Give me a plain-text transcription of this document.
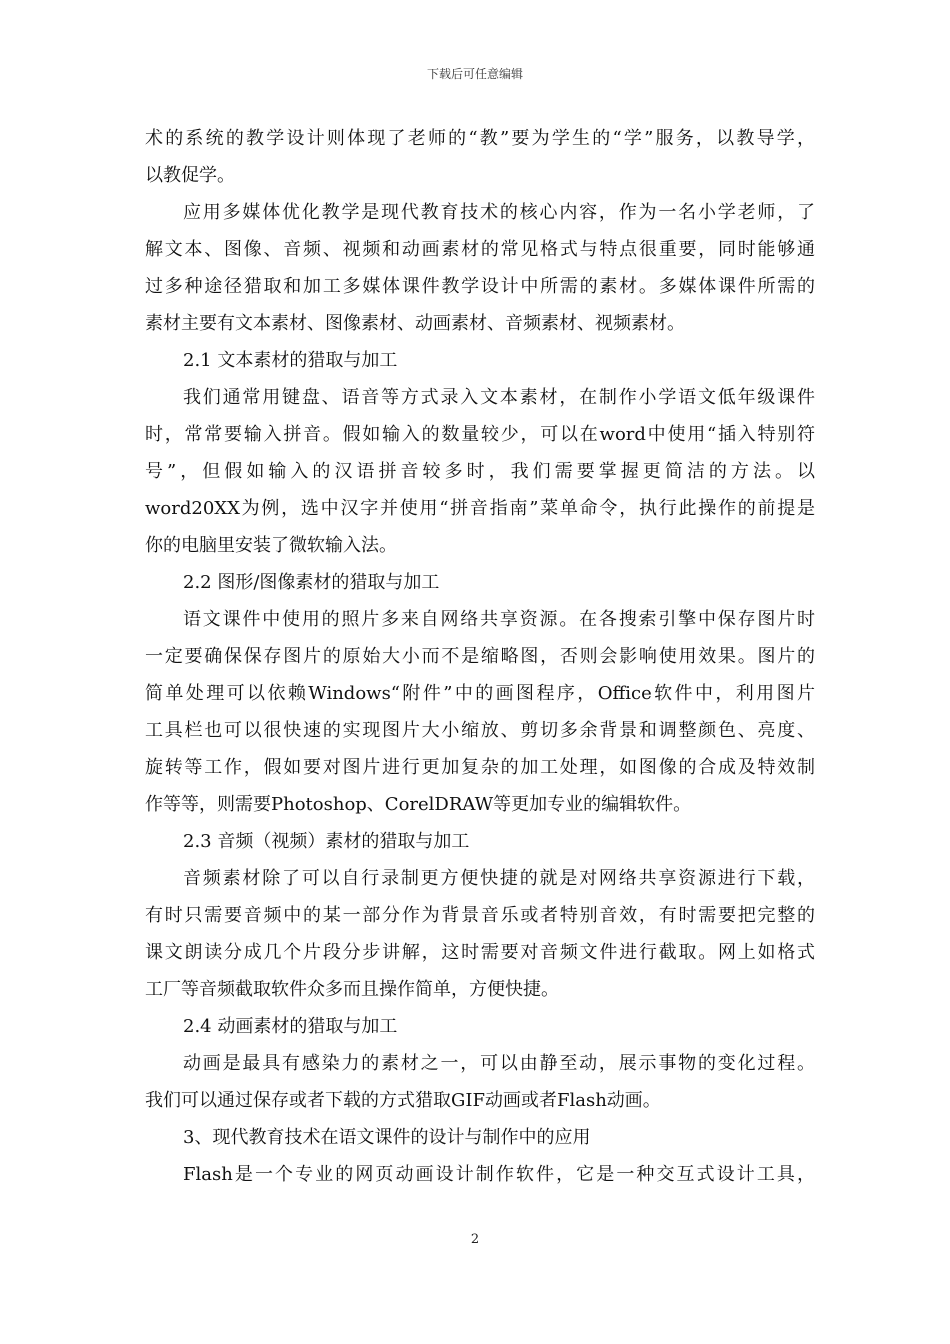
下载后可任意编辑
术的系统的教学设计则体现了老师的“教”要为学生的“学”服务，以教导学，
以教促学。
应用多媒体优化教学是现代教育技术的核心内容，作为一名小学老师，了
解文本、图像、音频、视频和动画素材的常见格式与特点很重要，同时能够通
过多种途径猎取和加工多媒体课件教学设计中所需的素材。多媒体课件所需的
素材主要有文本素材、图像素材、动画素材、音频素材、视频素材。
2.1 文本素材的猎取与加工
我们通常用键盘、语音等方式录入文本素材，在制作小学语文低年级课件
时，常常要输入拼音。假如输入的数量较少，可以在word中使用“插入特别符
号”，但假如输入的汉语拼音较多时，我们需要掌握更简洁的方法。以
word20XX为例，选中汉字并使用“拼音指南”菜单命令，执行此操作的前提是
你的电脑里安装了微软输入法。
2.2 图形/图像素材的猎取与加工
语文课件中使用的照片多来自网络共享资源。在各搜索引擎中保存图片时
一定要确保保存图片的原始大小而不是缩略图，否则会影响使用效果。图片的
简单处理可以依赖Windows“附件”中的画图程序，Office软件中，利用图片
工具栏也可以很快速的实现图片大小缩放、剪切多余背景和调整颜色、亮度、
旋转等工作，假如要对图片进行更加复杂的加工处理，如图像的合成及特效制
作等等，则需要Photoshop、CorelDRAW等更加专业的编辑软件。
2.3 音频（视频）素材的猎取与加工
音频素材除了可以自行录制更方便快捷的就是对网络共享资源进行下载，
有时只需要音频中的某一部分作为背景音乐或者特别音效，有时需要把完整的
课文朗读分成几个片段分步讲解，这时需要对音频文件进行截取。网上如格式
工厂等音频截取软件众多而且操作简单，方便快捷。
2.4 动画素材的猎取与加工
动画是最具有感染力的素材之一，可以由静至动，展示事物的变化过程。
我们可以通过保存或者下载的方式猎取GIF动画或者Flash动画。
3、现代教育技术在语文课件的设计与制作中的应用
Flash是一个专业的网页动画设计制作软件，它是一种交互式设计工具，
2
